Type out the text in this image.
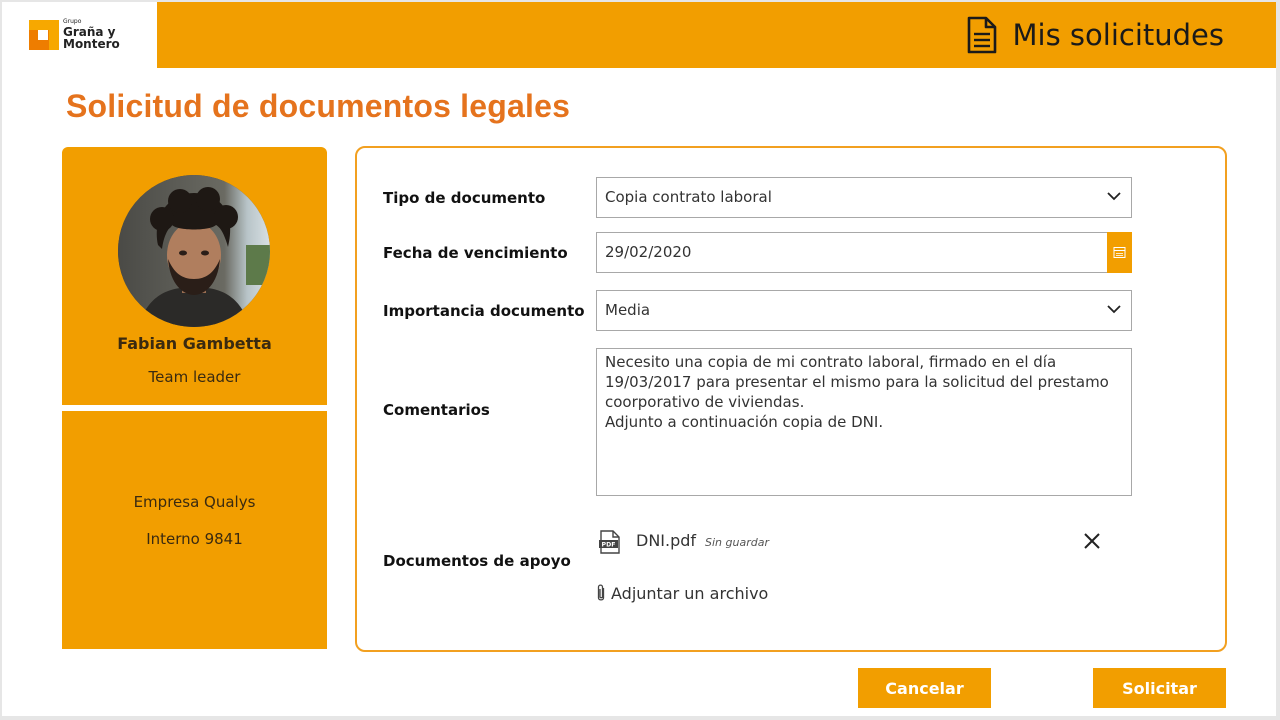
Grupo
Graña y
Montero	Mis solicitudes
Solicitud de documentos legales
Fabian Gambetta
Team leader
Empresa Qualys
Interno 9841
Tipo de documento	Copia contrato laboral
Fecha de vencimiento	29/02/2020
Importancia documento	Media
Comentarios
Necesito una copia de mi contrato laboral, firmado en el día
19/03/2017 para presentar el mismo para la solicitud del prestamo
coorporativo de viviendas.
Adjunto a continuación copia de DNI.
Documentos de apoyo
PDF DNI.pdf Sin guardar
Adjuntar un archivo
Cancelar	Solicitar
